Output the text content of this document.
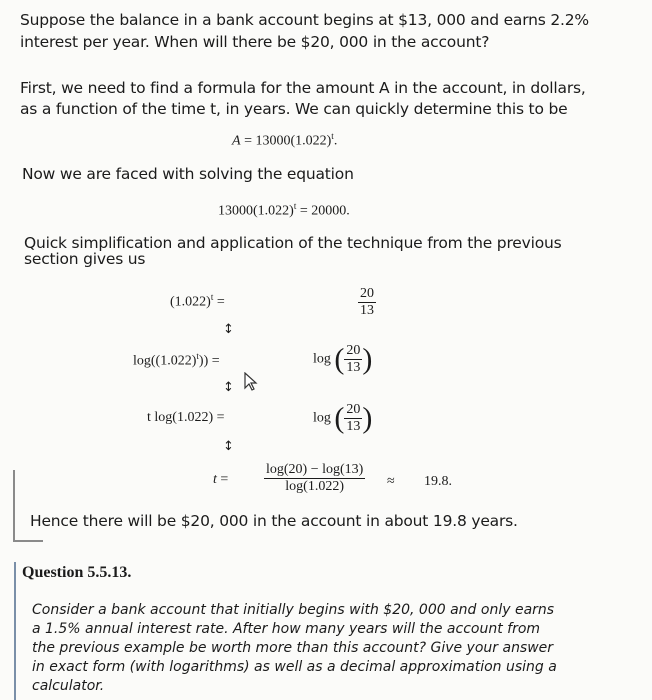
Suppose the balance in a bank account begins at $13, 000 and earns 2.2%
interest per year. When will there be $20, 000 in the account?
First, we need to find a formula for the amount A in the account, in dollars,
as a function of the time t, in years. We can quickly determine this to be
$A = 13000(1.022)^t$.
Now we are faced with solving the equation
$13000(1.022)^t = 20000$.
Quick simplification and application of the technique from the previous
section gives us
$(1.022)^t$ =	$\frac{20}{13}$
↕
$\log((1.022)^t)$) =	log ( $\frac{20}{13}$ )
↕
t log(1.022) =	log ( $\frac{20}{13}$ )
↕
t =	$\frac{\log(20) - \log(13)}{\log(1.022)} \approx 19.8$.
Hence there will be $20, 000 in the account in about 19.8 years.
Question 5.5.13.
Consider a bank account that initially begins with $20, 000 and only earns a 1.5% annual interest rate. After how many years will the account from the previous example be worth more than this account? Give your answer in exact form (with logarithms) as well as a decimal approximation using a calculator.
